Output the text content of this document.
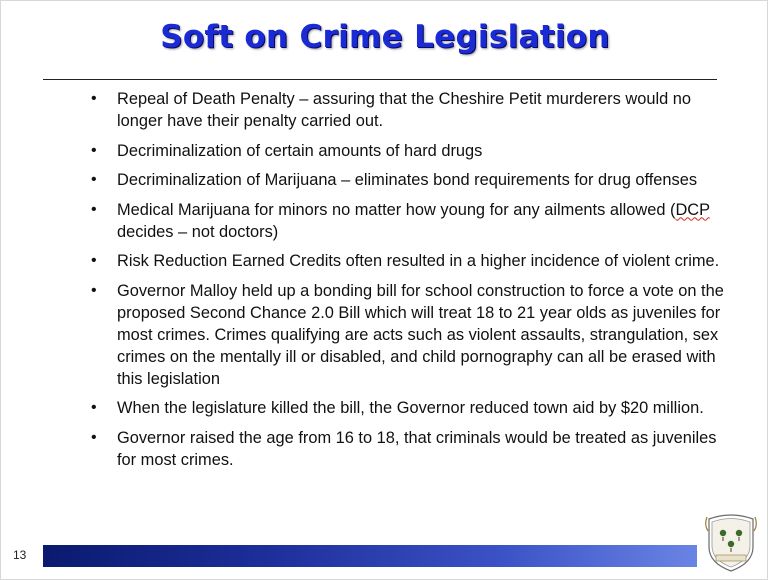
Soft on Crime Legislation
• Repeal of Death Penalty – assuring that the Cheshire Petit murderers would no longer have their penalty carried out.
• Decriminalization of certain amounts of hard drugs
• Decriminalization of Marijuana – eliminates bond requirements for drug offenses
• Medical Marijuana for minors no matter how young for any ailments allowed (DCP decides – not doctors)
• Risk Reduction Earned Credits often resulted in a higher incidence of violent crime.
• Governor Malloy held up a bonding bill for school construction to force a vote on the proposed Second Chance 2.0 Bill which will treat 18 to 21 year olds as juveniles for most crimes. Crimes qualifying are acts such as violent assaults, strangulation, sex crimes on the mentally ill or disabled, and child pornography can all be erased with this legislation
• When the legislature killed the bill, the Governor reduced town aid by $20 million.
• Governor raised the age from 16 to 18, that criminals would be treated as juveniles for most crimes.
13
